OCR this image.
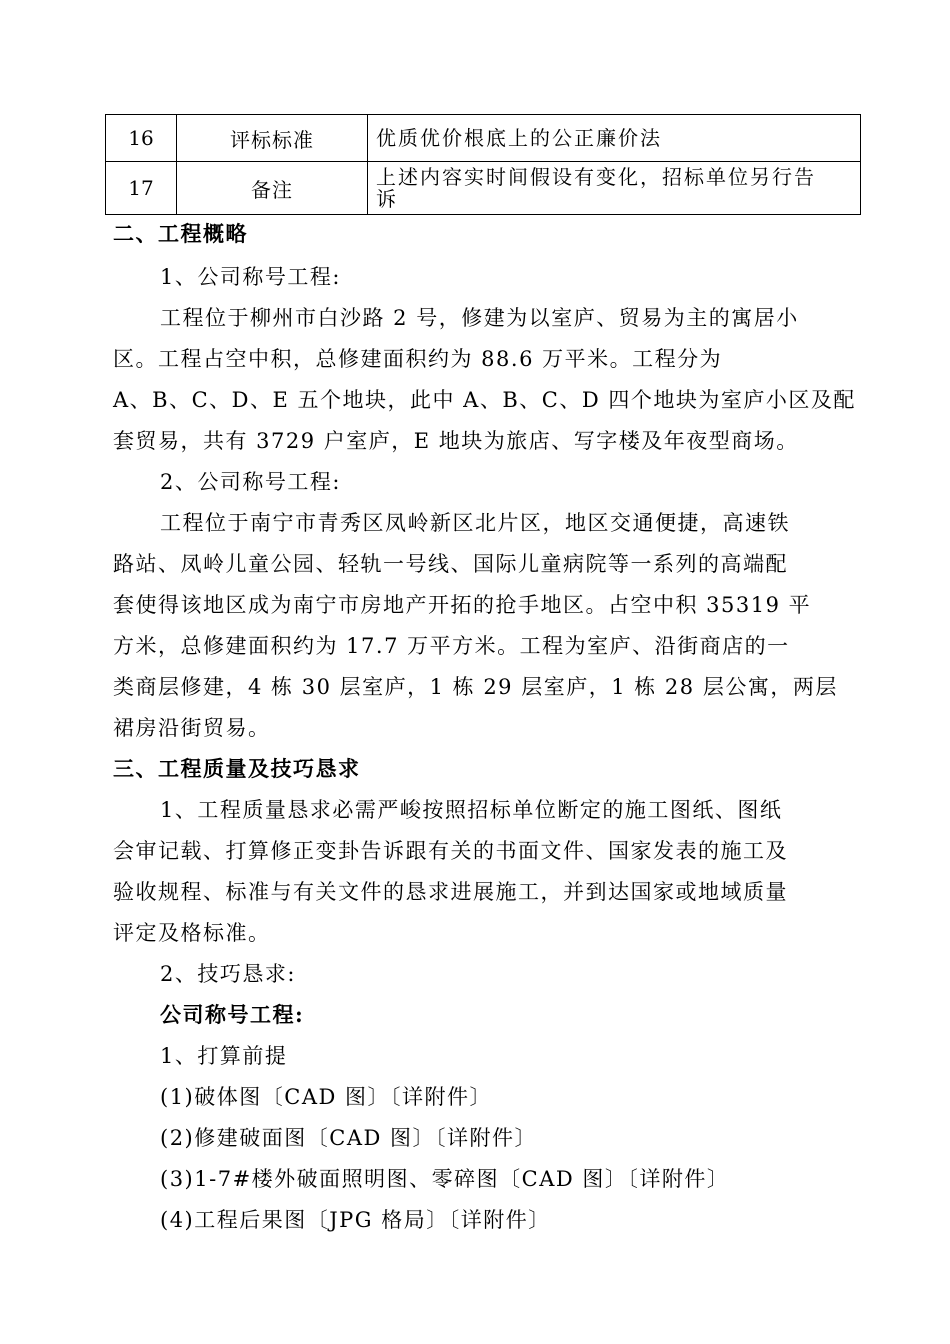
16	评标标准	优质优价根底上的公正廉价法
17	备注	上述内容实时间假设有变化，招标单位另行告
诉
二、工程概略
1、公司称号工程:
工程位于柳州市白沙路 2 号，修建为以室庐、贸易为主的寓居小
区。工程占空中积，总修建面积约为 88.6 万平米。工程分为
A、B、C、D、E 五个地块，此中 A、B、C、D 四个地块为室庐小区及配
套贸易，共有 3729 户室庐，E 地块为旅店、写字楼及年夜型商场。
2、公司称号工程:
工程位于南宁市青秀区凤岭新区北片区，地区交通便捷，高速铁
路站、凤岭儿童公园、轻轨一号线、国际儿童病院等一系列的高端配
套使得该地区成为南宁市房地产开拓的抢手地区。占空中积 35319 平
方米，总修建面积约为 17.7 万平方米。工程为室庐、沿街商店的一
类商层修建，4 栋 30 层室庐，1 栋 29 层室庐，1 栋 28 层公寓，两层
裙房沿街贸易。
三、工程质量及技巧恳求
1、工程质量恳求必需严峻按照招标单位断定的施工图纸、图纸
会审记载、打算修正变卦告诉跟有关的书面文件、国家发表的施工及
验收规程、标准与有关文件的恳求进展施工，并到达国家或地域质量
评定及格标准。
2、技巧恳求:
公司称号工程:
1、打算前提
(1)破体图〔CAD 图〕〔详附件〕
(2)修建破面图〔CAD 图〕〔详附件〕
(3)1-7#楼外破面照明图、零碎图〔CAD 图〕〔详附件〕
(4)工程后果图〔JPG 格局〕〔详附件〕
